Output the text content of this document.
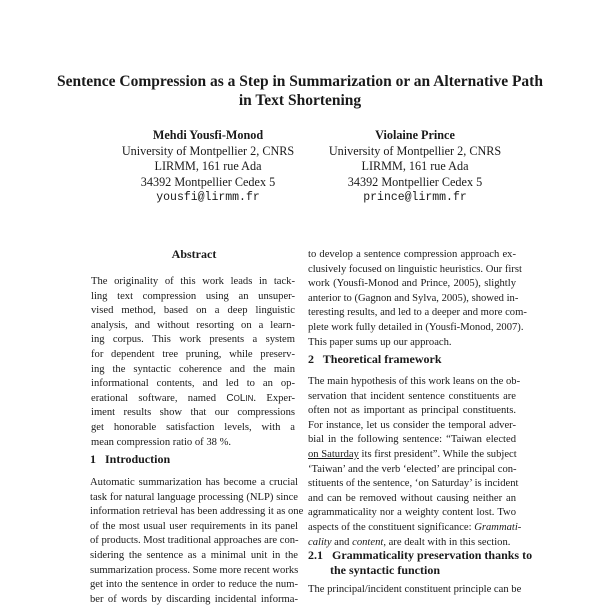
Sentence Compression as a Step in Summarization or an Alternative Path
in Text Shortening
Mehdi Yousfi-Monod
University of Montpellier 2, CNRS
LIRMM, 161 rue Ada
34392 Montpellier Cedex 5
yousfi@lirmm.fr
Violaine Prince
University of Montpellier 2, CNRS
LIRMM, 161 rue Ada
34392 Montpellier Cedex 5
prince@lirmm.fr
Abstract
The originality of this work leads in tack-
ling text compression using an unsuper-
vised method, based on a deep linguistic
analysis, and without resorting on a learn-
ing corpus. This work presents a system
for dependent tree pruning, while preserv-
ing the syntactic coherence and the main
informational contents, and led to an op-
erational software, named COLIN. Exper-
iment results show that our compressions
get honorable satisfaction levels, with a
mean compression ratio of 38 %.
1   Introduction
Automatic summarization has become a crucial
task for natural language processing (NLP) since
information retrieval has been addressing it as one
of the most usual user requirements in its panel
of products. Most traditional approaches are con-
sidering the sentence as a minimal unit in the
summarization process. Some more recent works
get into the sentence in order to reduce the num-
ber of words by discarding incidental informa-
to develop a sentence compression approach ex-
clusively focused on linguistic heuristics. Our first
work (Yousfi-Monod and Prince, 2005), slightly
anterior to (Gagnon and Sylva, 2005), showed in-
teresting results, and led to a deeper and more com-
plete work fully detailed in (Yousfi-Monod, 2007).
This paper sums up our approach.
2   Theoretical framework
The main hypothesis of this work leans on the ob-
servation that incident sentence constituents are
often not as important as principal constituents.
For instance, let us consider the temporal adver-
bial in the following sentence: “Taiwan elected
on Saturday its first president”. While the subject
‘Taiwan’ and the verb ‘elected’ are principal con-
stituents of the sentence, ‘on Saturday’ is incident
and can be removed without causing neither an
agrammaticality nor a weighty content lost. Two
aspects of the constituent significance: Grammati-
cality and content, are dealt with in this section.
2.1   Grammaticality preservation thanks to
the syntactic function
The principal/incident constituent principle can be
